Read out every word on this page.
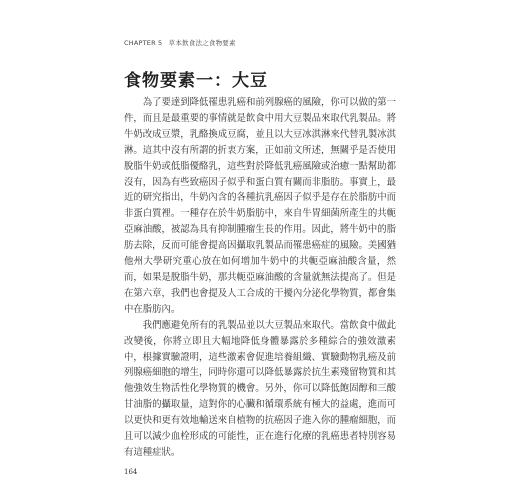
CHAPTER 5 草本飲食法之食物要素
食物要素一：大豆

為了要達到降低罹患乳癌和前列腺癌的風險，你可以做的第一件，而且是最重要的事情就是飲食中用大豆製品來取代乳製品。將牛奶改成豆漿，乳酪換成豆腐，並且以大豆冰淇淋來代替乳製冰淇淋。這其中沒有所謂的折衷方案，正如前文所述，無關乎是否使用脫脂牛奶或低脂優酪乳，這些對於降低乳癌風險或治癒一點幫助都沒有，因為有些致癌因子似乎和蛋白質有關而非脂肪。事實上，最近的研究指出，牛奶內含的各種抗乳癌因子似乎是存在於脂肪中而非蛋白質裡。一種存在於牛奶脂肪中，來自牛胃細菌所產生的共軛亞麻油酸，被認為具有抑制腫瘤生長的作用。因此，將牛奶中的脂肪去除，反而可能會提高因攝取乳製品而罹患癌症的風險。美國猶他州大學研究重心放在如何增加牛奶中的共軛亞麻油酸含量，然而，如果是脫脂牛奶，那共軛亞麻油酸的含量就無法提高了。但是在第六章，我們也會提及人工合成的干擾內分泌化學物質，都會集中在脂肪內。

我們應避免所有的乳製品並以大豆製品來取代。當飲食中做此改變後，你將立即且大幅地降低身體暴露於多種綜合的強效激素中，根據實驗證明，這些激素會促進培養組織、實驗動物乳癌及前列腺癌細胞的增生，同時你還可以降低暴露於抗生素殘留物質和其他強效生物活性化學物質的機會。另外，你可以降低飽固醇和三酸甘油脂的攝取量，這對你的心臟和循環系統有極大的益處，進而可以更快和更有效地輸送來自植物的抗癌因子進入你的腫瘤細胞，而且可以減少血栓形成的可能性，正在進行化療的乳癌患者特別容易有這種症狀。

164
